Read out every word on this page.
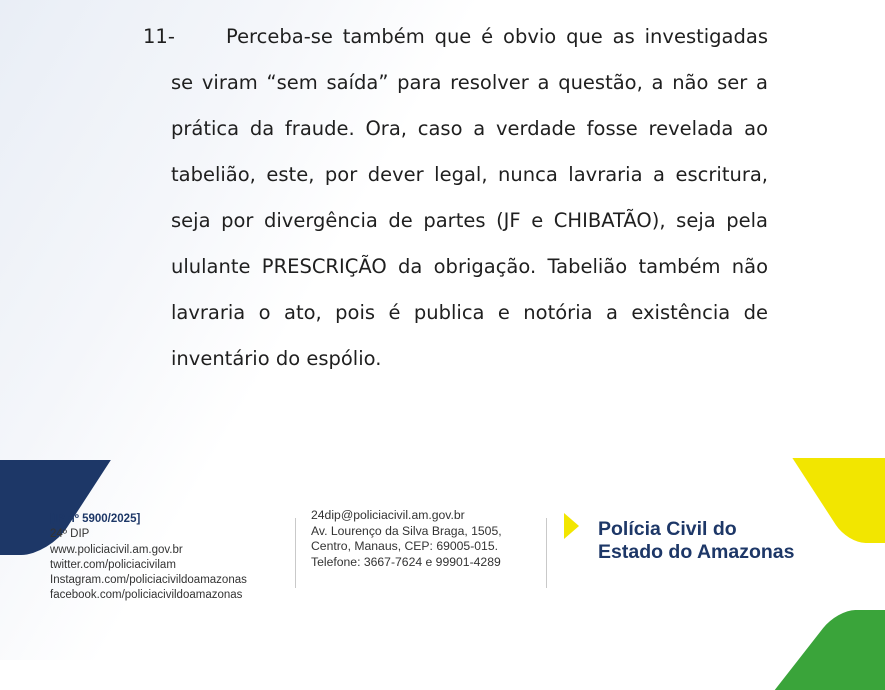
11-	Perceba-se também que é obvio que as investigadas se viram “sem saída” para resolver a questão, a não ser a prática da fraude. Ora, caso a verdade fosse revelada ao tabelião, este, por dever legal, nunca lavraria a escritura, seja por divergência de partes (JF e CHIBATÃO), seja pela ululante PRESCRIÇÃO da obrigação. Tabelião também não lavraria o ato, pois é publica e notória a existência de inventário do espólio.
[IP nº 5900/2025]
24º DIP
www.policiacivil.am.gov.br
twitter.com/policiacivilam
Instagram.com/policiacivildoamazonas
facebook.com/policiacivildoamazonas
24dip@policiacivil.am.gov.br
Av. Lourenço da Silva Braga, 1505,
Centro, Manaus, CEP: 69005-015.
Telefone: 3667-7624 e 99901-4289
Polícia Civil do
Estado do Amazonas
